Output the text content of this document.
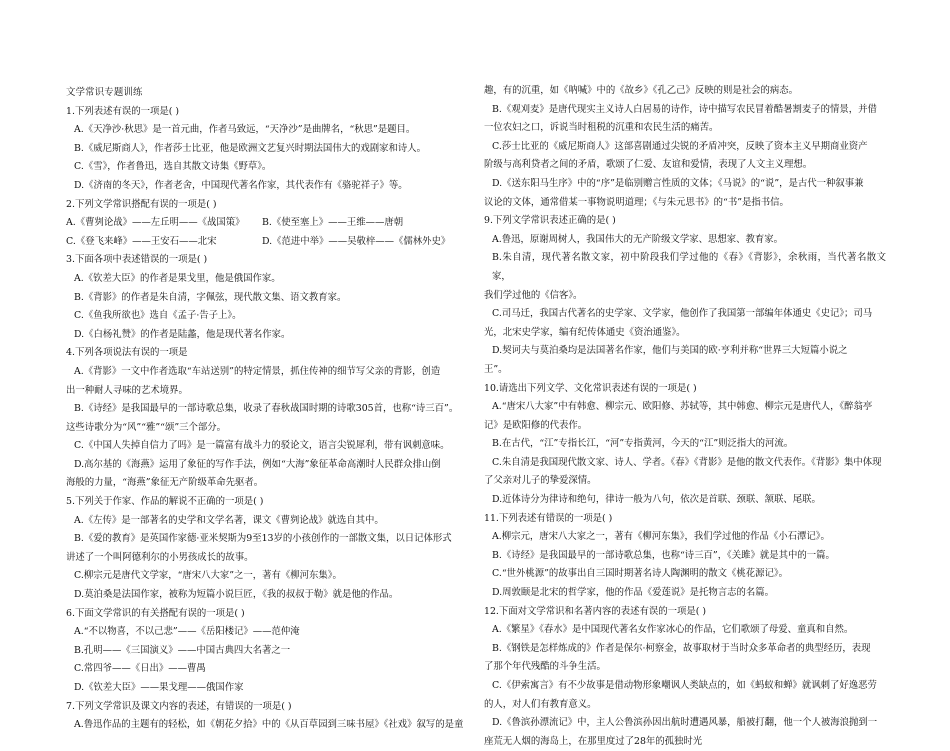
文学常识专题训练

1.下列表述有误的一项是( )

A.《天净沙·秋思》是一首元曲，作者马致远，“天净沙”是曲牌名，“秋思”是题目。

B.《威尼斯商人》，作者莎士比亚，他是欧洲文艺复兴时期法国伟大的戏剧家和诗人。

C.《雪》，作者鲁迅，选自其散文诗集《野草》。

D.《济南的冬天》，作者老舍，中国现代著名作家，其代表作有《骆驼祥子》等。

2.下列文学常识搭配有误的一项是( )

A.《曹刿论战》——左丘明——《战国策》	B.《使至塞上》——王维——唐朝

C.《登飞来峰》——王安石——北宋	D.《范进中举》——吴敬梓——《儒林外史》

3.下面各项中表述错误的一项是( )

A.《钦差大臣》的作者是果戈里，他是俄国作家。

B.《背影》的作者是朱自清，字佩弦，现代散文集、语文教育家。

C.《鱼我所欲也》选自《孟子·告子上》。

D.《白杨礼赞》的作者是陆蠡，他是现代著名作家。

4.下列各项说法有误的一项是

A.《背影》一文中作者选取“车站送别”的特定情景，抓住传神的细节写父亲的背影，创造

出一种耐人寻味的艺术境界。

B.《诗经》是我国最早的一部诗歌总集，收录了春秋战国时期的诗歌305首，也称“诗三百”。

这些诗歌分为“风”“雅”“颂”三个部分。

C.《中国人失掉自信力了吗》是一篇富有战斗力的驳论文，语言尖锐犀利，带有讽刺意味。

D.高尔基的《海燕》运用了象征的写作手法，例如“大海”象征革命高潮时人民群众排山倒

海般的力量，“海燕”象征无产阶级革命先驱者。

5.下列关于作家、作品的解说不正确的一项是( )

A.《左传》是一部著名的史学和文学名著，课文《曹刿论战》就选自其中。

B.《爱的教育》是英国作家德·亚米契斯为9至13岁的小孩创作的一部散文集，以日记体形式

讲述了一个叫阿德利尔的小男孩成长的故事。

C.柳宗元是唐代文学家，“唐宋八大家”之一，著有《柳河东集》。

D.莫泊桑是法国作家，被称为短篇小说巨匠，《我的叔叔于勒》就是他的作品。

6.下面文学常识的有关搭配有误的一项是( )

A.“不以物喜，不以己悲”——《岳阳楼记》——范仲淹

B.孔明——《三国演义》——中国古典四大名著之一

C.常四爷——《日出》——曹禺

D.《钦差大臣》——果戈理——俄国作家

7.下列文学常识及课文内容的表述，有错误的一项是( )

A.鲁迅作品的主题有的轻松，如《朝花夕拾》中的《从百草园到三味书屋》《社戏》叙写的是童

趣，有的沉重，如《呐喊》中的《故乡》《孔乙己》反映的则是社会的病态。

B.《观刈麦》是唐代现实主义诗人白居易的诗作，诗中描写农民冒着酷暑割麦子的情景，并借

一位农妇之口，诉说当时租税的沉重和农民生活的痛苦。

C.莎士比亚的《威尼斯商人》这部喜剧通过尖锐的矛盾冲突，反映了资本主义早期商业资产

阶级与高利贷者之间的矛盾，歌颂了仁爱、友谊和爱情，表现了人文主义理想。

D.《送东阳马生序》中的“序”是临别赠言性质的文体；《马说》的“说”，是古代一种叙事兼

议论的文体，通常借某一事物说明道理；《与朱元思书》的“书”是指书信。

9.下列文学常识表述正确的是( )

A.鲁迅，原谢周树人，我国伟大的无产阶级文学家、思想家、教育家。

B.朱自清，现代著名散文家，初中阶段我们学过他的《春》《背影》，余秋雨，当代著名散文家，

我们学过他的《信客》。

C.司马迁，我国古代著名的史学家、文学家，他创作了我国第一部编年体通史《史记》；司马

光，北宋史学家，编有纪传体通史《资治通鉴》。

D.契诃夫与莫泊桑均是法国著名作家，他们与美国的欧·亨利并称“世界三大短篇小说之

王”。

10.请选出下列文学、文化常识表述有误的一项是( )

A.“唐宋八大家”中有韩愈、柳宗元、欧阳修、苏轼等，其中韩愈、柳宗元是唐代人，《醉翁亭

记》是欧阳修的代表作。

B.在古代，“江”专指长江，“河”专指黄河，今天的“江”则泛指大的河流。

C.朱自清是我国现代散文家、诗人、学者。《春》《背影》是他的散文代表作。《背影》集中体现

了父亲对儿子的挚爱深情。

D.近体诗分为律诗和绝句，律诗一般为八句，依次是首联、颈联、颔联、尾联。

11.下列表述有错误的一项是( )

A.柳宗元，唐宋八大家之一，著有《柳河东集》，我们学过他的作品《小石潭记》。

B.《诗经》是我国最早的一部诗歌总集，也称“诗三百”，《关雎》就是其中的一篇。

C.“世外桃源”的故事出自三国时期著名诗人陶渊明的散文《桃花源记》。

D.周敦颐是北宋的哲学家，他的作品《爱莲说》是托物言志的名篇。

12.下面对文学常识和名著内容的表述有误的一项是( )

A.《繁星》《春水》是中国现代著名女作家冰心的作品，它们歌颂了母爱、童真和自然。

B.《钢铁是怎样炼成的》作者是保尔·柯察金，故事取材于当时众多革命者的典型经历，表现

了那个年代残酷的斗争生活。

C.《伊索寓言》有不少故事是借动物形象嘲讽人类缺点的，如《蚂蚁和蝉》就讽刺了好逸恶劳

的人，对人们有教育意义。

D.《鲁滨孙漂流记》中，主人公鲁滨孙因出航时遭遇风暴，船被打翻，他一个人被海浪抛到一

座荒无人烟的海岛上，在那里度过了28年的孤独时光
